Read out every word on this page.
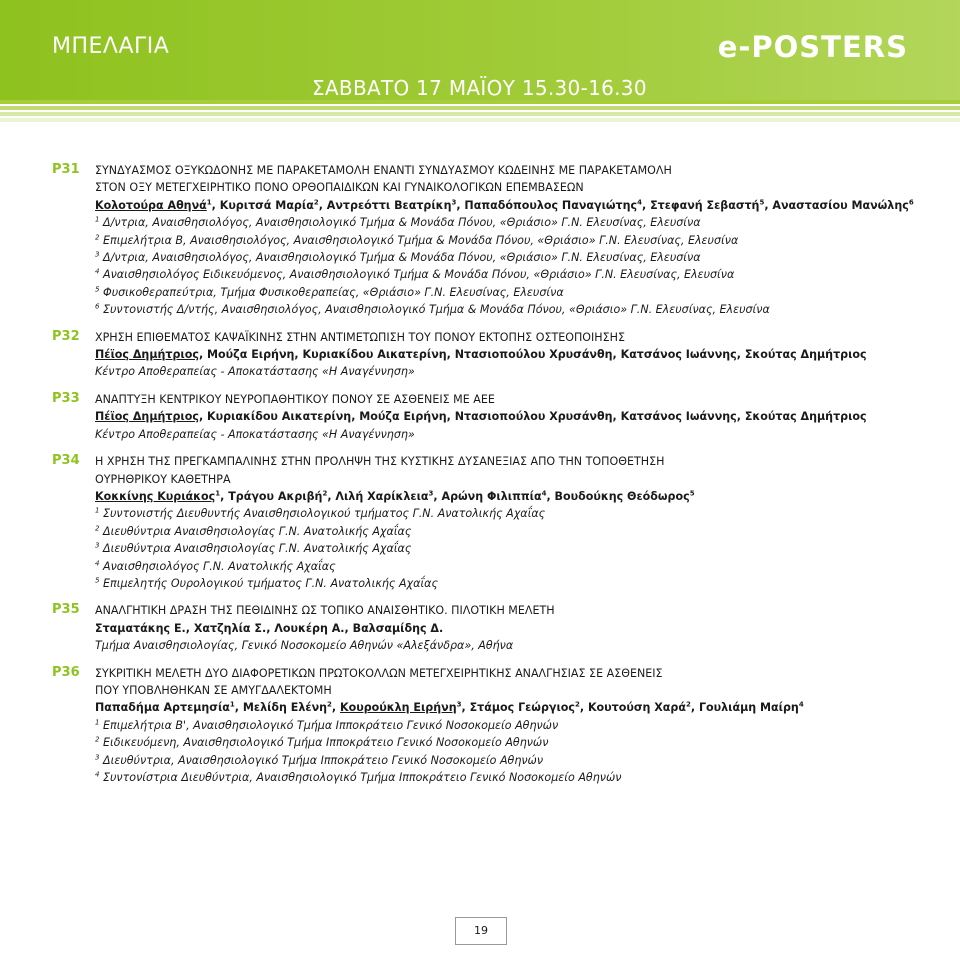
ΜΠΕΛΑΓΙΑ	e-POSTERS
ΣΑΒΒΑΤΟ 17 ΜΑΪΟΥ 15.30-16.30
P31 ΣΥΝΔΥΑΣΜΟΣ ΟΞΥΚΩΔΟΝΗΣ ΜΕ ΠΑΡΑΚΕΤΑΜΟΛΗ ΕΝΑΝΤΙ ΣΥΝΔΥΑΣΜΟΥ ΚΩΔΕΙΝΗΣ ΜΕ ΠΑΡΑΚΕΤΑΜΟΛΗ
ΣΤΟΝ ΟΞΥ ΜΕΤΕΓΧΕΙΡΗΤΙΚΟ ΠΟΝΟ ΟΡΘΟΠΑΙΔΙΚΩΝ ΚΑΙ ΓΥΝΑΙΚΟΛΟΓΙΚΩΝ ΕΠΕΜΒΑΣΕΩΝ
Κολοτούρα Αθηνά$^1$, Κυριτσά Μαρία$^2$, Αντρεόττι Βεατρίκη$^3$, Παπαδόπουλος Παναγιώτης$^4$, Στεφανή Σεβαστή$^5$, Αναστασίου Μανώλης$^6$
$^1$ Δ/ντρια, Αναισθησιολόγος, Αναισθησιολογικό Τμήμα & Μονάδα Πόνου, «Θριάσιο» Γ.Ν. Ελευσίνας, Ελευσίνα
$^2$ Επιμελήτρια Β, Αναισθησιολόγος, Αναισθησιολογικό Τμήμα & Μονάδα Πόνου, «Θριάσιο» Γ.Ν. Ελευσίνας, Ελευσίνα
$^3$ Δ/ντρια, Αναισθησιολόγος, Αναισθησιολογικό Τμήμα & Μονάδα Πόνου, «Θριάσιο» Γ.Ν. Ελευσίνας, Ελευσίνα
$^4$ Αναισθησιολόγος Ειδικευόμενος, Αναισθησιολογικό Τμήμα & Μονάδα Πόνου, «Θριάσιο» Γ.Ν. Ελευσίνας, Ελευσίνα
$^5$ Φυσικοθεραπεύτρια, Τμήμα Φυσικοθεραπείας, «Θριάσιο» Γ.Ν. Ελευσίνας, Ελευσίνα
$^6$ Συντονιστής Δ/ντής, Αναισθησιολόγος, Αναισθησιολογικό Τμήμα & Μονάδα Πόνου, «Θριάσιο» Γ.Ν. Ελευσίνας, Ελευσίνα
P32 ΧΡΗΣΗ ΕΠΙΘΕΜΑΤΟΣ ΚΑΨΑΪΚΙΝΗΣ ΣΤΗΝ ΑΝΤΙΜΕΤΩΠΙΣΗ ΤΟΥ ΠΟΝΟΥ ΕΚΤΟΠΗΣ ΟΣΤΕΟΠΟΙΗΣΗΣ
Πέϊος Δημήτριος, Μούζα Ειρήνη, Κυριακίδου Αικατερίνη, Ντασιοπούλου Χρυσάνθη, Κατσάνος Ιωάννης, Σκούτας Δημήτριος
Κέντρο Αποθεραπείας - Αποκατάστασης «Η Αναγέννηση»
P33 ΑΝΑΠΤΥΞΗ ΚΕΝΤΡΙΚΟΥ ΝΕΥΡΟΠΑΘΗΤΙΚΟΥ ΠΟΝΟΥ ΣΕ ΑΣΘΕΝΕΙΣ ΜΕ ΑΕΕ
Πέϊος Δημήτριος, Κυριακίδου Αικατερίνη, Μούζα Ειρήνη, Ντασιοπούλου Χρυσάνθη, Κατσάνος Ιωάννης, Σκούτας Δημήτριος
Κέντρο Αποθεραπείας - Αποκατάστασης «Η Αναγέννηση»
P34 Η ΧΡΗΣΗ ΤΗΣ ΠΡΕΓΚΑΜΠΑΛΙΝΗΣ ΣΤΗΝ ΠΡΟΛΗΨΗ ΤΗΣ ΚΥΣΤΙΚΗΣ ΔΥΣΑΝΕΞΙΑΣ ΑΠΟ ΤΗΝ ΤΟΠΟΘΕΤΗΣΗ
ΟΥΡΗΘΡΙΚΟΥ ΚΑΘΕΤΗΡΑ
Κοκκίνης Κυριάκος$^1$, Τράγου Ακριβή$^2$, Λιλή Χαρίκλεια$^3$, Αρώνη Φιλιππία$^4$, Βουδούκης Θεόδωρος$^5$
$^1$ Συντονιστής Διευθυντής Αναισθησιολογικού τμήματος Γ.Ν. Ανατολικής Αχαΐας
$^2$ Διευθύντρια Αναισθησιολογίας Γ.Ν. Ανατολικής Αχαΐας
$^3$ Διευθύντρια Αναισθησιολογίας Γ.Ν. Ανατολικής Αχαΐας
$^4$ Αναισθησιολόγος Γ.Ν. Ανατολικής Αχαΐας
$^5$ Επιμελητής Ουρολογικού τμήματος Γ.Ν. Ανατολικής Αχαΐας
P35 ΑΝΑΛΓΗΤΙΚΗ ΔΡΑΣΗ ΤΗΣ ΠΕΘΙΔΙΝΗΣ ΩΣ ΤΟΠΙΚΟ ΑΝΑΙΣΘΗΤΙΚΟ. ΠΙΛΟΤΙΚΗ ΜΕΛΕΤΗ
Σταματάκης Ε., Χατζηλία Σ., Λουκέρη Α., Βαλσαμίδης Δ.
Τμήμα Αναισθησιολογίας, Γενικό Νοσοκομείο Αθηνών «Αλεξάνδρα», Αθήνα
P36 ΣΥΚΡΙΤΙΚΗ ΜΕΛΕΤΗ ΔΥΟ ΔΙΑΦΟΡΕΤΙΚΩΝ ΠΡΩΤΟΚΟΛΛΩΝ ΜΕΤΕΓΧΕΙΡΗΤΙΚΗΣ ΑΝΑΛΓΗΣΙΑΣ ΣΕ ΑΣΘΕΝΕΙΣ
ΠΟΥ ΥΠΟΒΛΗΘΗΚΑΝ ΣΕ ΑΜΥΓΔΑΛΕΚΤΟΜΗ
Παπαδήμα Αρτεμησία$^1$, Μελίδη Ελένη$^2$, Κουρούκλη Ειρήνη$^3$, Στάμος Γεώργιος$^2$, Κουτούση Χαρά$^2$, Γουλιάμη Μαίρη$^4$
$^1$ Επιμελήτρια Β', Αναισθησιολογικό Τμήμα Ιπποκράτειο Γενικό Νοσοκομείο Αθηνών
$^2$ Ειδικευόμενη, Αναισθησιολογικό Τμήμα Ιπποκράτειο Γενικό Νοσοκομείο Αθηνών
$^3$ Διευθύντρια, Αναισθησιολογικό Τμήμα Ιπποκράτειο Γενικό Νοσοκομείο Αθηνών
$^4$ Συντονίστρια Διευθύντρια, Αναισθησιολογικό Τμήμα Ιπποκράτειο Γενικό Νοσοκομείο Αθηνών
19
